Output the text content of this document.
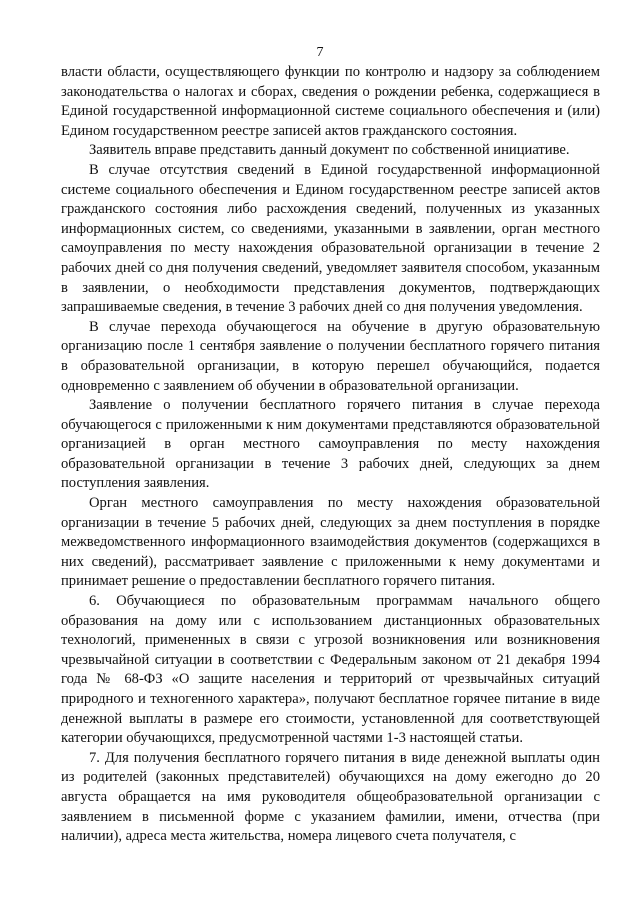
7

власти области, осуществляющего функции по контролю и надзору за соблюдением законодательства о налогах и сборах, сведения о рождении ребенка, содержащиеся в Единой государственной информационной системе социального обеспечения и (или) Едином государственном реестре записей актов гражданского состояния.

Заявитель вправе представить данный документ по собственной инициативе.

В случае отсутствия сведений в Единой государственной информационной системе социального обеспечения и Едином государственном реестре записей актов гражданского состояния либо расхождения сведений, полученных из указанных информационных систем, со сведениями, указанными в заявлении, орган местного самоуправления по месту нахождения образовательной организации в течение 2 рабочих дней со дня получения сведений, уведомляет заявителя способом, указанным в заявлении, о необходимости представления документов, подтверждающих запрашиваемые сведения, в течение 3 рабочих дней со дня получения уведомления.

В случае перехода обучающегося на обучение в другую образовательную организацию после 1 сентября заявление о получении бесплатного горячего питания в образовательной организации, в которую перешел обучающийся, подается одновременно с заявлением об обучении в образовательной организации.

Заявление о получении бесплатного горячего питания в случае перехода обучающегося с приложенными к ним документами представляются образовательной организацией в орган местного самоуправления по месту нахождения образовательной организации в течение 3 рабочих дней, следующих за днем поступления заявления.

Орган местного самоуправления по месту нахождения образовательной организации в течение 5 рабочих дней, следующих за днем поступления в порядке межведомственного информационного взаимодействия документов (содержащихся в них сведений), рассматривает заявление с приложенными к нему документами и принимает решение о предоставлении бесплатного горячего питания.

6. Обучающиеся по образовательным программам начального общего образования на дому или с использованием дистанционных образовательных технологий, примененных в связи с угрозой возникновения или возникновения чрезвычайной ситуации в соответствии с Федеральным законом от 21 декабря 1994 года № 68-ФЗ «О защите населения и территорий от чрезвычайных ситуаций природного и техногенного характера», получают бесплатное горячее питание в виде денежной выплаты в размере его стоимости, установленной для соответствующей категории обучающихся, предусмотренной частями 1-3 настоящей статьи.

7. Для получения бесплатного горячего питания в виде денежной выплаты один из родителей (законных представителей) обучающихся на дому ежегодно до 20 августа обращается на имя руководителя общеобразовательной организации с заявлением в письменной форме с указанием фамилии, имени, отчества (при наличии), адреса места жительства, номера лицевого счета получателя, с
